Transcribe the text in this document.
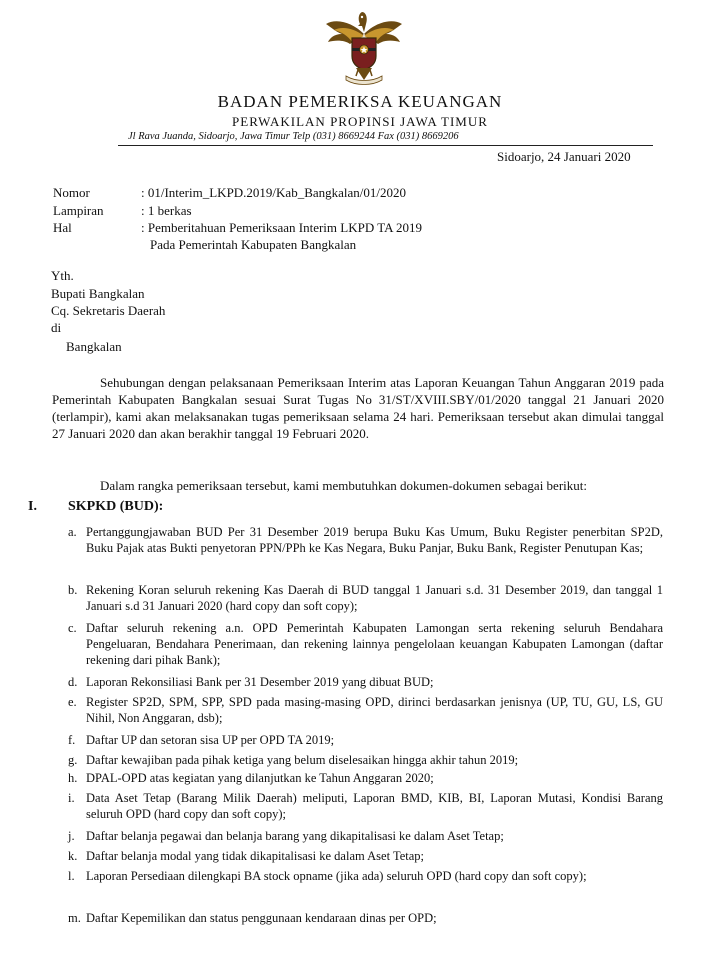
BADAN PEMERIKSA KEUANGAN
PERWAKILAN PROPINSI JAWA TIMUR
Jl Rava Juanda, Sidoarjo, Jawa Timur Telp (031) 8669244 Fax (031) 8669206
Sidoarjo, 24 Januari 2020
Nomor	: 01/Interim_LKPD.2019/Kab_Bangkalan/01/2020
Lampiran	: 1 berkas
Hal	: Pemberitahuan Pemeriksaan Interim LKPD TA 2019
Pada Pemerintah Kabupaten Bangkalan
Yth.
Bupati Bangkalan
Cq. Sekretaris Daerah
di
Bangkalan
Sehubungan dengan pelaksanaan Pemeriksaan Interim atas Laporan Keuangan Tahun Anggaran 2019 pada Pemerintah Kabupaten Bangkalan sesuai Surat Tugas No 31/ST/XVIII.SBY/01/2020 tanggal 21 Januari 2020 (terlampir), kami akan melaksanakan tugas pemeriksaan selama 24 hari. Pemeriksaan tersebut akan dimulai tanggal 27 Januari 2020 dan akan berakhir tanggal 19 Februari 2020.
Dalam rangka pemeriksaan tersebut, kami membutuhkan dokumen-dokumen sebagai berikut:
I. SKPKD (BUD):
a. Pertanggungjawaban BUD Per 31 Desember 2019 berupa Buku Kas Umum, Buku Register penerbitan SP2D, Buku Pajak atas Bukti penyetoran PPN/PPh ke Kas Negara, Buku Panjar, Buku Bank, Register Penutupan Kas;
b. Rekening Koran seluruh rekening Kas Daerah di BUD tanggal 1 Januari s.d. 31 Desember 2019, dan tanggal 1 Januari s.d 31 Januari 2020 (hard copy dan soft copy);
c. Daftar seluruh rekening a.n. OPD Pemerintah Kabupaten Lamongan serta rekening seluruh Bendahara Pengeluaran, Bendahara Penerimaan, dan rekening lainnya pengelolaan keuangan Kabupaten Lamongan (daftar rekening dari pihak Bank);
d. Laporan Rekonsiliasi Bank per 31 Desember 2019 yang dibuat BUD;
e. Register SP2D, SPM, SPP, SPD pada masing-masing OPD, dirinci berdasarkan jenisnya (UP, TU, GU, LS, GU Nihil, Non Anggaran, dsb);
f. Daftar UP dan setoran sisa UP per OPD TA 2019;
g. Daftar kewajiban pada pihak ketiga yang belum diselesaikan hingga akhir tahun 2019;
h. DPAL-OPD atas kegiatan yang dilanjutkan ke Tahun Anggaran 2020;
i. Data Aset Tetap (Barang Milik Daerah) meliputi, Laporan BMD, KIB, BI, Laporan Mutasi, Kondisi Barang seluruh OPD (hard copy dan soft copy);
j. Daftar belanja pegawai dan belanja barang yang dikapitalisasi ke dalam Aset Tetap;
k. Daftar belanja modal yang tidak dikapitalisasi ke dalam Aset Tetap;
l. Laporan Persediaan dilengkapi BA stock opname (jika ada) seluruh OPD (hard copy dan soft copy);
m. Daftar Kepemilikan dan status penggunaan kendaraan dinas per OPD;
